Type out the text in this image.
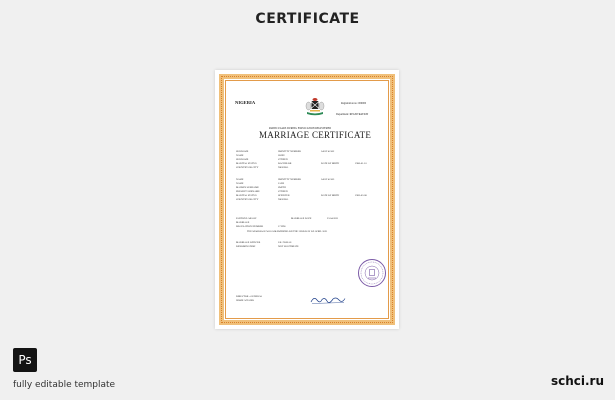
CERTIFICATE
NIGERIA	Registration no: 000000
Department: REGISTRATION
PARTICULARS DURING EXPLICATION REGISTERED
MARRIAGE CERTIFICATE
SURNAME	IDENTITY NUMBER	5421F 42102
NAME	JOHN
SURNAME	CITIZEN
MARITAL STATUS	BACHELOR	DATE OF BIRTH	1980-01-10
COUNTRY OR CITY	NIGERIA
NAME	IDENTITY NUMBER	5421F 42103
NAME	JANE
MAIDEN SURNAME	SMITH
PRESENT SURNAME	CITIZEN
MARITAL STATUS	SPINSTER	DATE OF BIRTH	1982-03-08
COUNTRY OR CITY	NIGERIA
PARTICULARS OF	MARRIAGE DATE	23.04.2021
MARRIAGE
REGULATION NUMBER	171996
THE MARRIAGE WAS SOLEMNIZED ON THE 23RD DAY OF APRIL 2021
MARRIAGE OFFICER	J.K. FOLIAS
DENOMINATION	NOT LEGITIMATE
DIRECTOR - GENERAL
HOME AFFAIRS
Ps
fully editable template	schci.ru
